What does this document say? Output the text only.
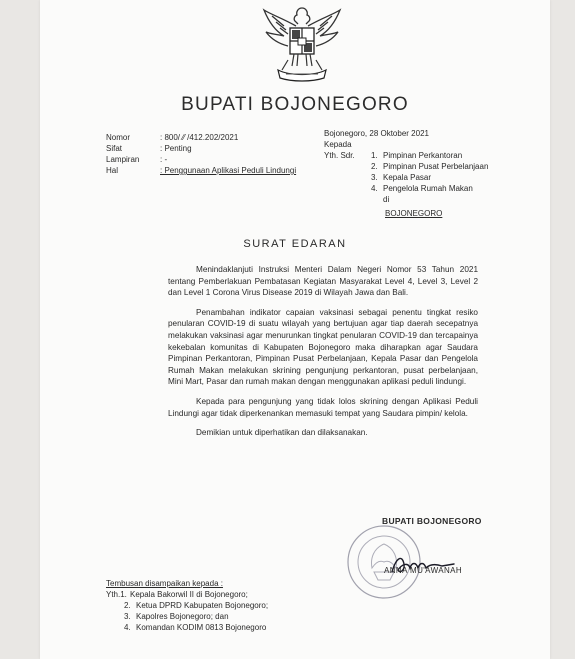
BUPATI BOJONEGORO
Nomor	: 800/ ⁄⁄ /412.202/2021
Sifat	: Penting
Lampiran	: -
Hal	: Penggunaan Aplikasi Peduli Lindungi
Bojonegoro, 28 Oktober 2021
Kepada
Yth. Sdr.	1. Pimpinan Perkantoran
2. Pimpinan Pusat Perbelanjaan
3. Kepala Pasar
4. Pengelola Rumah Makan
di
BOJONEGORO
SURAT EDARAN

Menindaklanjuti Instruksi Menteri Dalam Negeri Nomor 53 Tahun 2021 tentang Pemberlakuan Pembatasan Kegiatan Masyarakat Level 4, Level 3, Level 2 dan Level 1 Corona Virus Disease 2019 di Wilayah Jawa dan Bali.

Penambahan indikator capaian vaksinasi sebagai penentu tingkat resiko penularan COVID-19 di suatu wilayah yang bertujuan agar tiap daerah secepatnya melakukan vaksinasi agar menurunkan tingkat penularan COVID-19 dan tercapainya kekebalan komunitas di Kabupaten Bojonegoro maka diharapkan agar Saudara Pimpinan Perkantoran, Pimpinan Pusat Perbelanjaan, Kepala Pasar dan Pengelola Rumah Makan melakukan skrining pengunjung perkantoran, pusat perbelanjaan, Mini Mart, Pasar dan rumah makan dengan menggunakan aplikasi peduli lindungi.

Kepada para pengunjung yang tidak lolos skrining dengan Aplikasi Peduli Lindungi agar tidak diperkenankan memasuki tempat yang Saudara pimpin/ kelola.

Demikian untuk diperhatikan dan dilaksanakan.

BUPATI BOJONEGORO
ANNA MU'AWANAH
Tembusan disampaikan kepada :
Yth.1. Kepala Bakorwil II di Bojonegoro;
2. Ketua DPRD Kabupaten Bojonegoro;
3. Kapolres Bojonegoro; dan
4. Komandan KODIM 0813 Bojonegoro
